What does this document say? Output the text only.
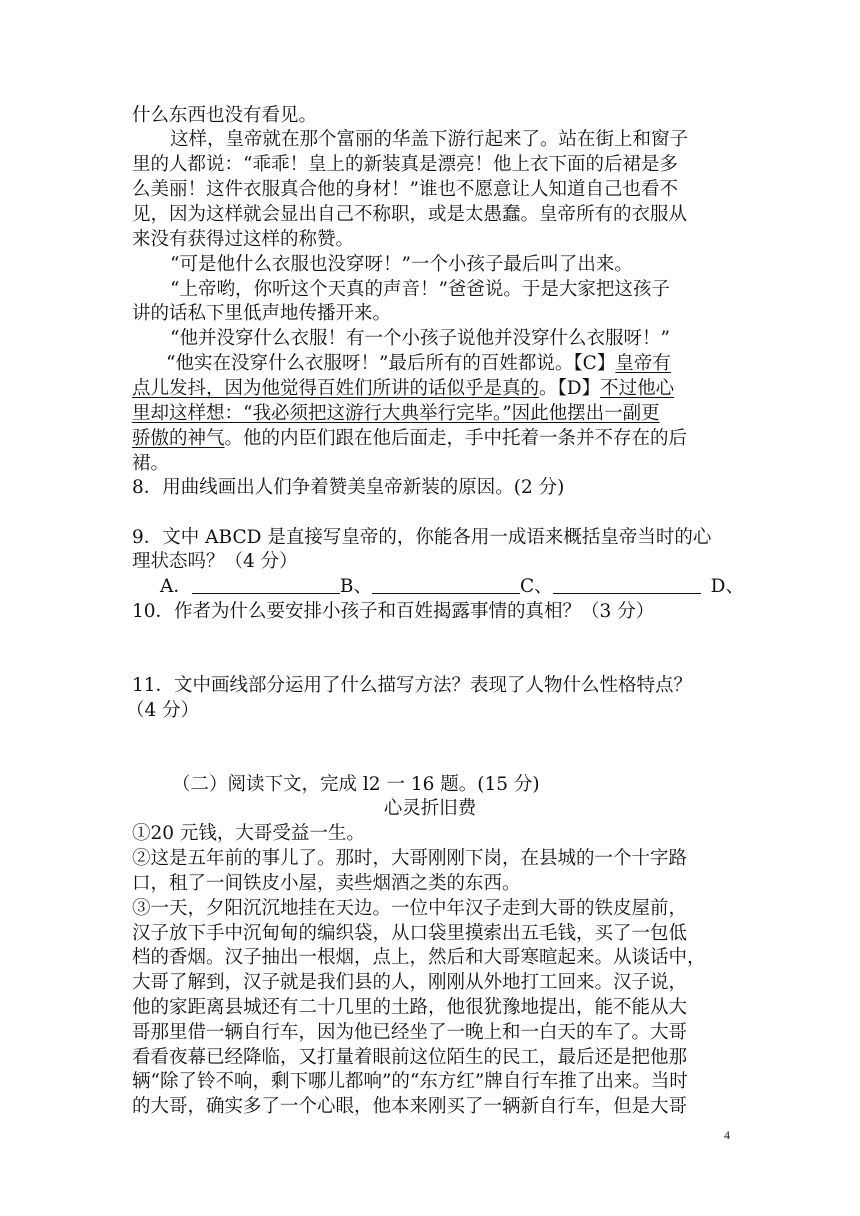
什么东西也没有看见。
这样，皇帝就在那个富丽的华盖下游行起来了。站在街上和窗子
里的人都说：“乖乖！皇上的新装真是漂亮！他上衣下面的后裙是多
么美丽！这件衣服真合他的身材！”谁也不愿意让人知道自己也看不
见，因为这样就会显出自己不称职，或是太愚蠢。皇帝所有的衣服从
来没有获得过这样的称赞。
“可是他什么衣服也没穿呀！”一个小孩子最后叫了出来。
“上帝哟，你听这个天真的声音！”爸爸说。于是大家把这孩子
讲的话私下里低声地传播开来。
“他并没穿什么衣服！有一个小孩子说他并没穿什么衣服呀！”
“他实在没穿什么衣服呀！”最后所有的百姓都说。【C】皇帝有
点儿发抖，因为他觉得百姓们所讲的话似乎是真的。【D】不过他心
里却这样想：“我必须把这游行大典举行完毕。”因此他摆出一副更
骄傲的神气。他的内臣们跟在他后面走，手中托着一条并不存在的后
裙。
8．用曲线画出人们争着赞美皇帝新装的原因。(2 分)
9．文中 ABCD 是直接写皇帝的，你能各用一成语来概括皇帝当时的心
理状态吗？（4 分）
A．	B、	C、	D、
10．作者为什么要安排小孩子和百姓揭露事情的真相？（3 分）
11．文中画线部分运用了什么描写方法？表现了人物什么性格特点？
（4 分）
（二）阅读下文，完成 l2 一 16 题。(15 分)
心灵折旧费
①20 元钱，大哥受益一生。
②这是五年前的事儿了。那时，大哥刚刚下岗，在县城的一个十字路
口，租了一间铁皮小屋，卖些烟酒之类的东西。
③一天，夕阳沉沉地挂在天边。一位中年汉子走到大哥的铁皮屋前，
汉子放下手中沉甸甸的编织袋，从口袋里摸索出五毛钱，买了一包低
档的香烟。汉子抽出一根烟，点上，然后和大哥寒暄起来。从谈话中，
大哥了解到，汉子就是我们县的人，刚刚从外地打工回来。汉子说，
他的家距离县城还有二十几里的土路，他很犹豫地提出，能不能从大
哥那里借一辆自行车，因为他已经坐了一晚上和一白天的车了。大哥
看看夜幕已经降临，又打量着眼前这位陌生的民工，最后还是把他那
辆“除了铃不响，剩下哪儿都响”的“东方红”牌自行车推了出来。当时
的大哥，确实多了一个心眼，他本来刚买了一辆新自行车，但是大哥
4
